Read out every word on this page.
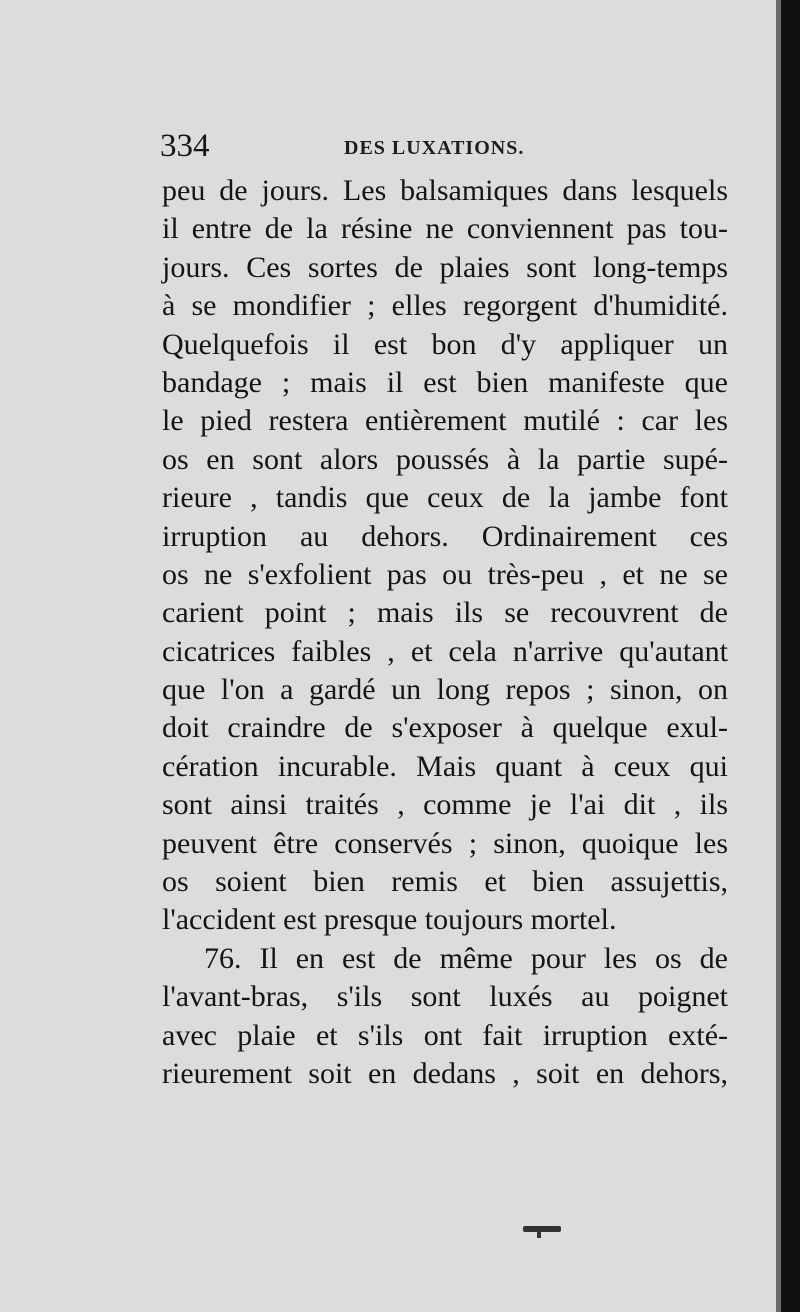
334	DES LUXATIONS.
peu de jours. Les balsamiques dans lesquels
il entre de la résine ne conviennent pas tou-
jours. Ces sortes de plaies sont long-temps
à se mondifier ; elles regorgent d'humidité.
Quelquefois il est bon d'y appliquer un
bandage ; mais il est bien manifeste que
le pied restera entièrement mutilé : car les
os en sont alors poussés à la partie supé-
rieure , tandis que ceux de la jambe font
irruption au dehors. Ordinairement ces
os ne s'exfolient pas ou très-peu , et ne se
carient point ; mais ils se recouvrent de
cicatrices faibles , et cela n'arrive qu'autant
que l'on a gardé un long repos ; sinon, on
doit craindre de s'exposer à quelque exul-
cération incurable. Mais quant à ceux qui
sont ainsi traités , comme je l'ai dit , ils
peuvent être conservés ; sinon, quoique les
os soient bien remis et bien assujettis,
l'accident est presque toujours mortel.
76. Il en est de même pour les os de
l'avant-bras, s'ils sont luxés au poignet
avec plaie et s'ils ont fait irruption exté-
rieurement soit en dedans , soit en dehors,
